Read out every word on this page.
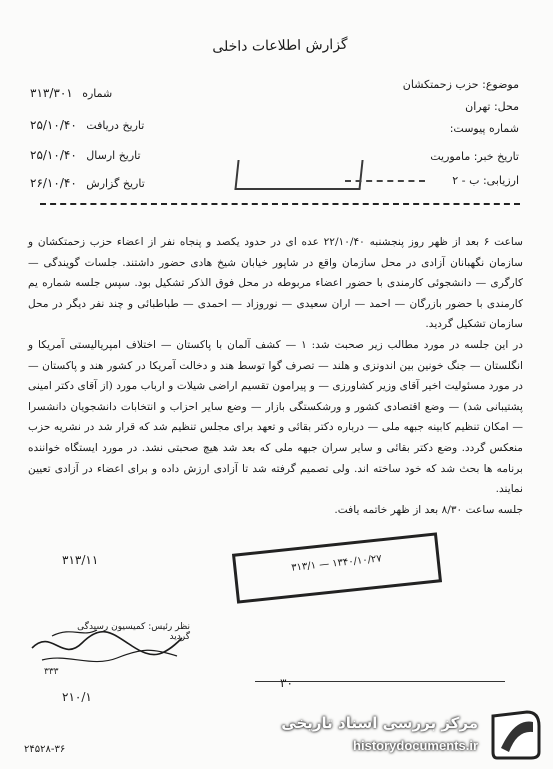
گزارش اطلاعات داخلی
موضوع: حزب زحمتکشان
محل: تهران
شماره پیوست:
تاریخ خبر: ماموریت
ارزیابی: ب - ۲
شماره ۳۱۳/۳۰۱
تاریخ دریافت ۲۵/۱۰/۴۰
تاریخ ارسال ۲۵/۱۰/۴۰
تاریخ گزارش ۲۶/۱۰/۴۰

ساعت ۶ بعد از ظهر روز پنجشنبه ۲۲/۱۰/۴۰ عده ای در حدود یکصد و پنجاه نفر از اعضاء حزب زحمتکشان و سازمان نگهبانان آزادی در محل سازمان واقع در شاپور خیابان شیخ هادی حضور داشتند. جلسات گویندگی — کارگری — دانشجوئی کارمندی با حضور اعضاء مربوطه در محل فوق الذکر تشکیل بود. سپس جلسه شماره یم کارمندی با حضور بازرگان — احمد — اران سعیدی — نوروزاد — احمدی — طباطبائی و چند نفر دیگر در محل سازمان تشکیل گردید.

در این جلسه در مورد مطالب زیر صحبت شد: ۱ — کشف آلمان با پاکستان — اختلاف امپریالیستی آمریکا و انگلستان — جنگ خونین بین اندونزی و هلند — تصرف گوا توسط هند و دخالت آمریکا در کشور هند و پاکستان — در مورد مسئولیت اخیر آقای وزیر کشاورزی — و پیرامون تقسیم اراضی شیلات و ارباب مورد (از آقای دکتر امینی پشتیبانی شد) — وضع اقتصادی کشور و ورشکستگی بازار — وضع سایر احزاب و انتخابات دانشجویان دانشسرا — امکان تنظیم کابینه جبهه ملی — درباره دکتر بقائی و تعهد برای مجلس تنظیم شد که قرار شد در نشریه حزب منعکس گردد. وضع دکتر بقائی و سایر سران جبهه ملی که بعد شد هیچ صحبتی نشد. در مورد ایستگاه خواننده برنامه ها بحث شد که خود ساخته اند. ولی تصمیم گرفته شد تا آزادی ارزش داده و برای اعضاء در آزادی تعیین نمایند.

جلسه ساعت ۸/۳۰ بعد از ظهر خاتمه یافت.

۳۱۳/۱ — ۱۳۴۰/۱۰/۲۷
۳۱۳/۱۱
۲۱۰/۱
۳۳۳
نظر رئیس: کمیسیون رسیدگی گردید
۳۰
۲۴۵۲۸-۳۶
مرکز بررسی اسناد تاریخی
historydocuments.ir
